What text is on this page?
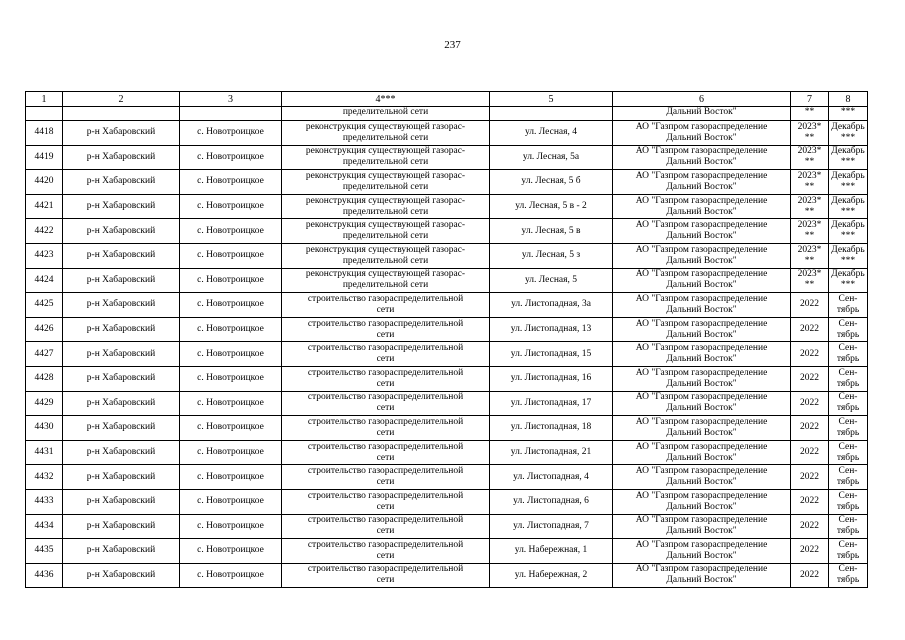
237
1	2	3	4***	5	6	7	8
			пределительной сети		Дальний Восток"	**	***
4418	р-н Хабаровский	с. Новотроицкое	реконструкция существующей газорас-
пределительной сети	ул. Лесная, 4	АО "Газпром газораспределение
Дальний Восток"	2023*
**	Декабрь
***

4419	р-н Хабаровский	с. Новотроицкое	реконструкция существующей газорас-
пределительной сети	ул. Лесная, 5а	АО "Газпром газораспределение
Дальний Восток"	2023*
**	Декабрь
***

4420	р-н Хабаровский	с. Новотроицкое	реконструкция существующей газорас-
пределительной сети	ул. Лесная, 5 б	АО "Газпром газораспределение
Дальний Восток"	2023*
**	Декабрь
***

4421	р-н Хабаровский	с. Новотроицкое	реконструкция существующей газорас-
пределительной сети	ул. Лесная, 5 в - 2	АО "Газпром газораспределение
Дальний Восток"	2023*
**	Декабрь
***

4422	р-н Хабаровский	с. Новотроицкое	реконструкция существующей газорас-
пределительной сети	ул. Лесная, 5 в	АО "Газпром газораспределение
Дальний Восток"	2023*
**	Декабрь
***

4423	р-н Хабаровский	с. Новотроицкое	реконструкция существующей газорас-
пределительной сети	ул. Лесная, 5 з	АО "Газпром газораспределение
Дальний Восток"	2023*
**	Декабрь
***

4424	р-н Хабаровский	с. Новотроицкое	реконструкция существующей газорас-
пределительной сети	ул. Лесная, 5	АО "Газпром газораспределение
Дальний Восток"	2023*
**	Декабрь
***

4425	р-н Хабаровский	с. Новотроицкое	строительство газораспределительной
сети	ул. Листопадная, 3а	АО "Газпром газораспределение
Дальний Восток"	2022	Сен-
тябрь

4426	р-н Хабаровский	с. Новотроицкое	строительство газораспределительной
сети	ул. Листопадная, 13	АО "Газпром газораспределение
Дальний Восток"	2022	Сен-
тябрь

4427	р-н Хабаровский	с. Новотроицкое	строительство газораспределительной
сети	ул. Листопадная, 15	АО "Газпром газораспределение
Дальний Восток"	2022	Сен-
тябрь

4428	р-н Хабаровский	с. Новотроицкое	строительство газораспределительной
сети	ул. Листопадная, 16	АО "Газпром газораспределение
Дальний Восток"	2022	Сен-
тябрь

4429	р-н Хабаровский	с. Новотроицкое	строительство газораспределительной
сети	ул. Листопадная, 17	АО "Газпром газораспределение
Дальний Восток"	2022	Сен-
тябрь

4430	р-н Хабаровский	с. Новотроицкое	строительство газораспределительной
сети	ул. Листопадная, 18	АО "Газпром газораспределение
Дальний Восток"	2022	Сен-
тябрь

4431	р-н Хабаровский	с. Новотроицкое	строительство газораспределительной
сети	ул. Листопадная, 21	АО "Газпром газораспределение
Дальний Восток"	2022	Сен-
тябрь

4432	р-н Хабаровский	с. Новотроицкое	строительство газораспределительной
сети	ул. Листопадная, 4	АО "Газпром газораспределение
Дальний Восток"	2022	Сен-
тябрь

4433	р-н Хабаровский	с. Новотроицкое	строительство газораспределительной
сети	ул. Листопадная, 6	АО "Газпром газораспределение
Дальний Восток"	2022	Сен-
тябрь

4434	р-н Хабаровский	с. Новотроицкое	строительство газораспределительной
сети	ул. Листопадная, 7	АО "Газпром газораспределение
Дальний Восток"	2022	Сен-
тябрь

4435	р-н Хабаровский	с. Новотроицкое	строительство газораспределительной
сети	ул. Набережная, 1	АО "Газпром газораспределение
Дальний Восток"	2022	Сен-
тябрь

4436	р-н Хабаровский	с. Новотроицкое	строительство газораспределительной
сети	ул. Набережная, 2	АО "Газпром газораспределение
Дальний Восток"	2022	Сен-
тябрь
